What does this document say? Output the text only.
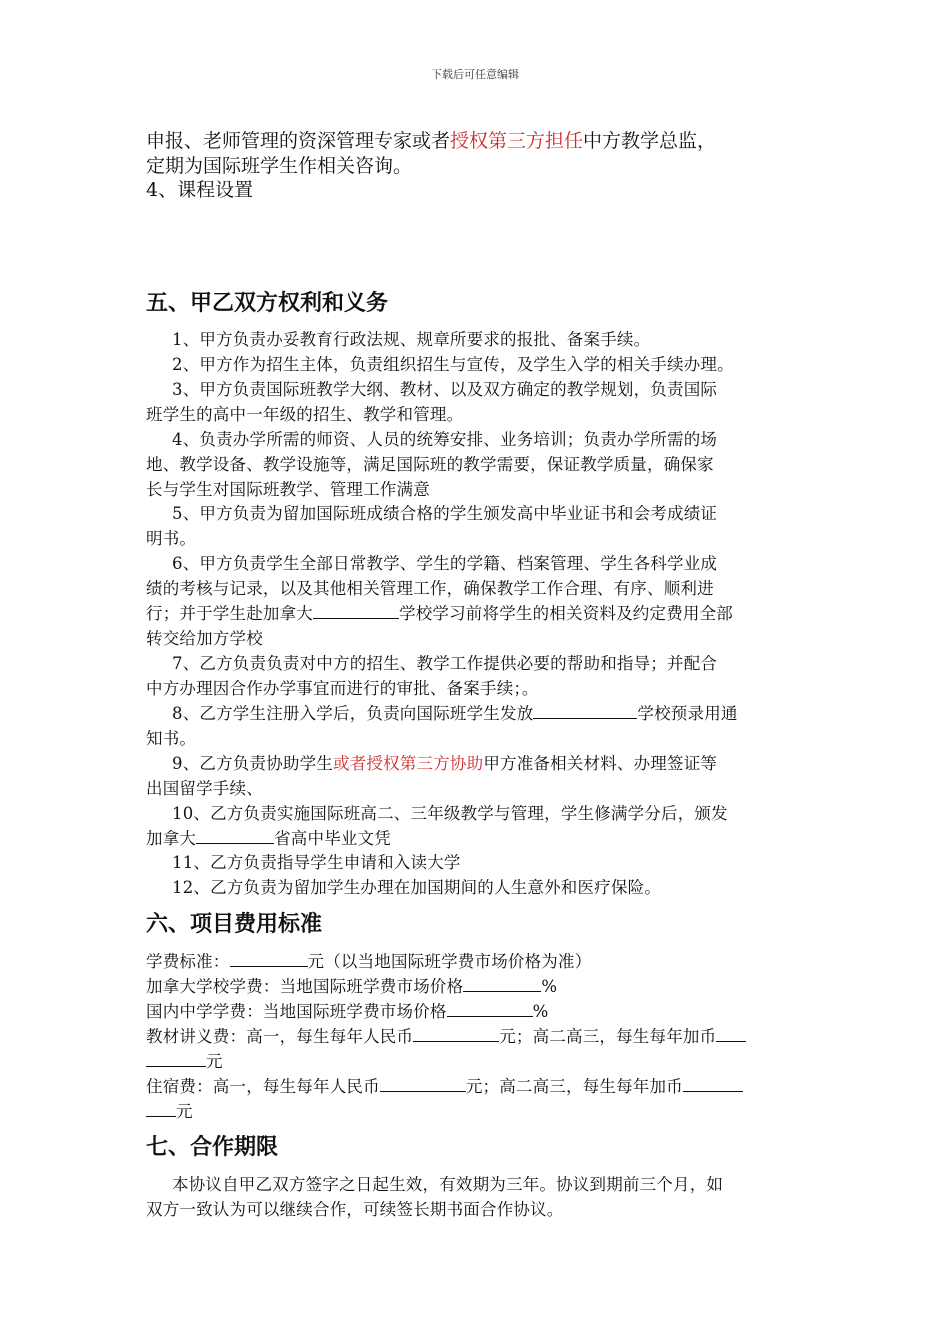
下载后可任意编辑
申报、老师管理的资深管理专家或者授权第三方担任中方教学总监，
定期为国际班学生作相关咨询。
4、课程设置
五、甲乙双方权利和义务
1、甲方负责办妥教育行政法规、规章所要求的报批、备案手续。
2、甲方作为招生主体，负责组织招生与宣传，及学生入学的相关手续办理。
3、甲方负责国际班教学大纲、教材、以及双方确定的教学规划，负责国际
班学生的高中一年级的招生、教学和管理。
4、负责办学所需的师资、人员的统筹安排、业务培训；负责办学所需的场
地、教学设备、教学设施等，满足国际班的教学需要，保证教学质量，确保家
长与学生对国际班教学、管理工作满意
5、甲方负责为留加国际班成绩合格的学生颁发高中毕业证书和会考成绩证
明书。
6、甲方负责学生全部日常教学、学生的学籍、档案管理、学生各科学业成
绩的考核与记录，以及其他相关管理工作，确保教学工作合理、有序、顺利进
行；并于学生赴加拿大	学校学习前将学生的相关资料及约定费用全部
转交给加方学校
7、乙方负责负责对中方的招生、教学工作提供必要的帮助和指导；并配合
中方办理因合作办学事宜而进行的审批、备案手续；。
8、乙方学生注册入学后，负责向国际班学生发放	学校预录用通
知书。
9、乙方负责协助学生或者授权第三方协助甲方准备相关材料、办理签证等
出国留学手续、
10、乙方负责实施国际班高二、三年级教学与管理，学生修满学分后，颁发
加拿大	省高中毕业文凭
11、乙方负责指导学生申请和入读大学
12、乙方负责为留加学生办理在加国期间的人生意外和医疗保险。
六、项目费用标准
学费标准：	元（以当地国际班学费市场价格为准）
加拿大学校学费：当地国际班学费市场价格	%
国内中学学费：当地国际班学费市场价格	%
教材讲义费：高一，每生每年人民币	元；高二高三，每生每年加币
元
住宿费：高一，每生每年人民币	元；高二高三，每生每年加币
元
七、合作期限
本协议自甲乙双方签字之日起生效，有效期为三年。协议到期前三个月，如
双方一致认为可以继续合作，可续签长期书面合作协议。
